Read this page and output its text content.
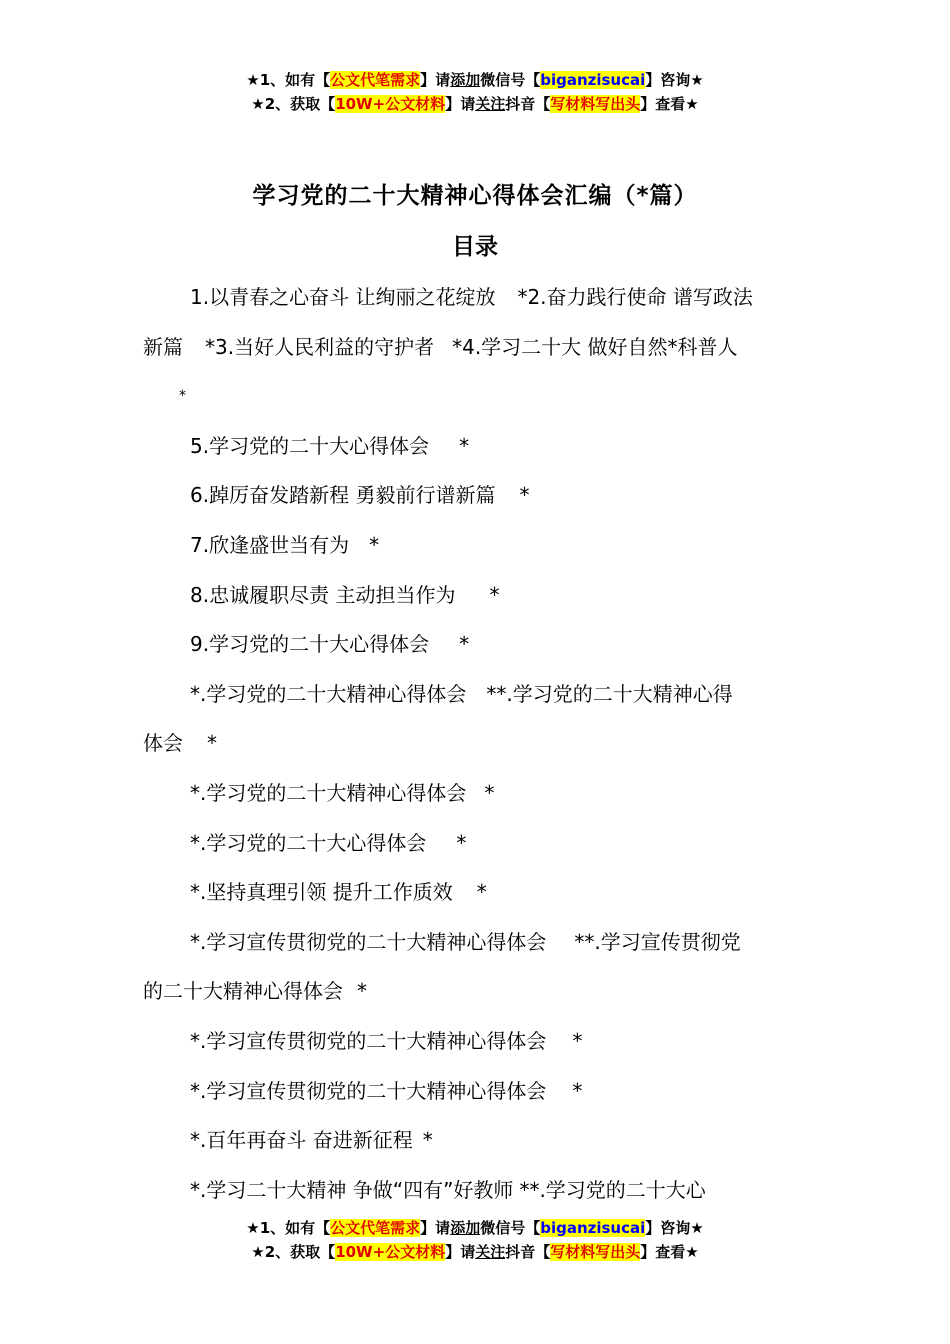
★1、如有【公文代笔需求】请添加微信号【biganzisucai】咨询★
★2、获取【10W+公文材料】请关注抖音【写材料写出头】查看★
学习党的二十大精神心得体会汇编（*篇）
目录
1.以青春之心奋斗 让绚丽之花绽放 *2.奋力践行使命 谱写政法
新篇 *3.当好人民利益的守护者 *4.学习二十大 做好自然*科普人
*
5.学习党的二十大心得体会 *
6.踔厉奋发踏新程 勇毅前行谱新篇 *
7.欣逢盛世当有为 *
8.忠诚履职尽责 主动担当作为 *
9.学习党的二十大心得体会 *
*.学习党的二十大精神心得体会 **.学习党的二十大精神心得
体会 *
*.学习党的二十大精神心得体会 *
*.学习党的二十大心得体会 *
*.坚持真理引领 提升工作质效 *
*.学习宣传贯彻党的二十大精神心得体会 **.学习宣传贯彻党
的二十大精神心得体会 *
*.学习宣传贯彻党的二十大精神心得体会 *
*.学习宣传贯彻党的二十大精神心得体会 *
*.百年再奋斗 奋进新征程 *
*.学习二十大精神 争做“四有”好教师 **.学习党的二十大心
★1、如有【公文代笔需求】请添加微信号【biganzisucai】咨询★
★2、获取【10W+公文材料】请关注抖音【写材料写出头】查看★
